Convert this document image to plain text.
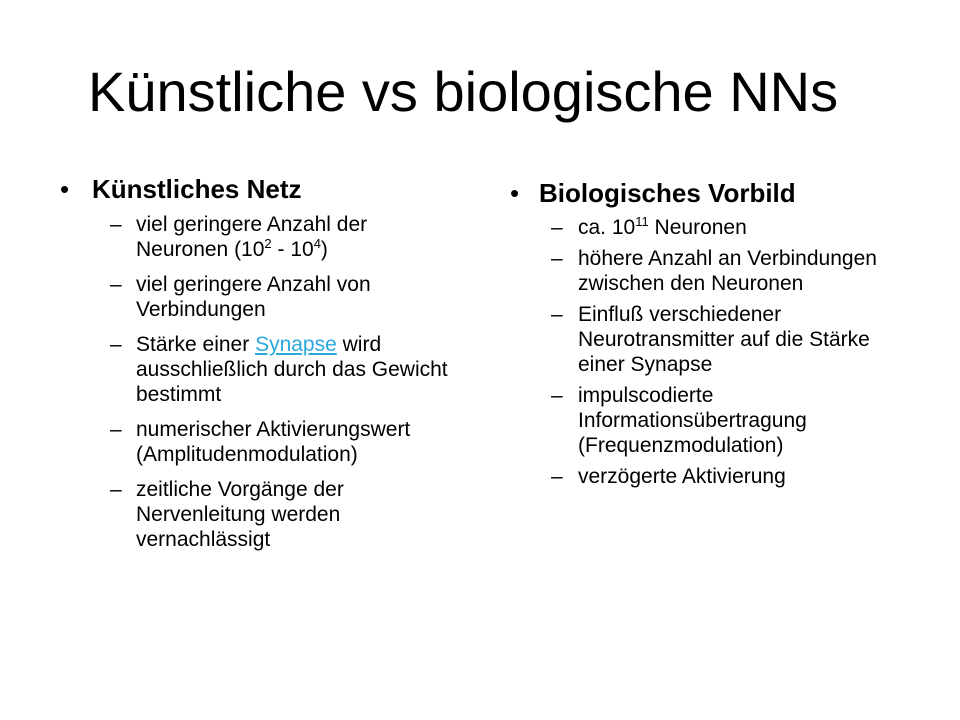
Künstliche vs biologische NNs
• Künstliches Netz
– viel geringere Anzahl der Neuronen $(10^2 - 10^4)$
– viel geringere Anzahl von Verbindungen
– Stärke einer Synapse wird ausschließlich durch das Gewicht bestimmt
– numerischer Aktivierungswert (Amplitudenmodulation)
– zeitliche Vorgänge der Nervenleitung werden vernachlässigt
• Biologisches Vorbild
– ca. $10^{11}$ Neuronen
– höhere Anzahl an Verbindungen zwischen den Neuronen
– Einfluß verschiedener Neurotransmitter auf die Stärke einer Synapse
– impulscodierte Informationsübertragung (Frequenzmodulation)
– verzögerte Aktivierung
